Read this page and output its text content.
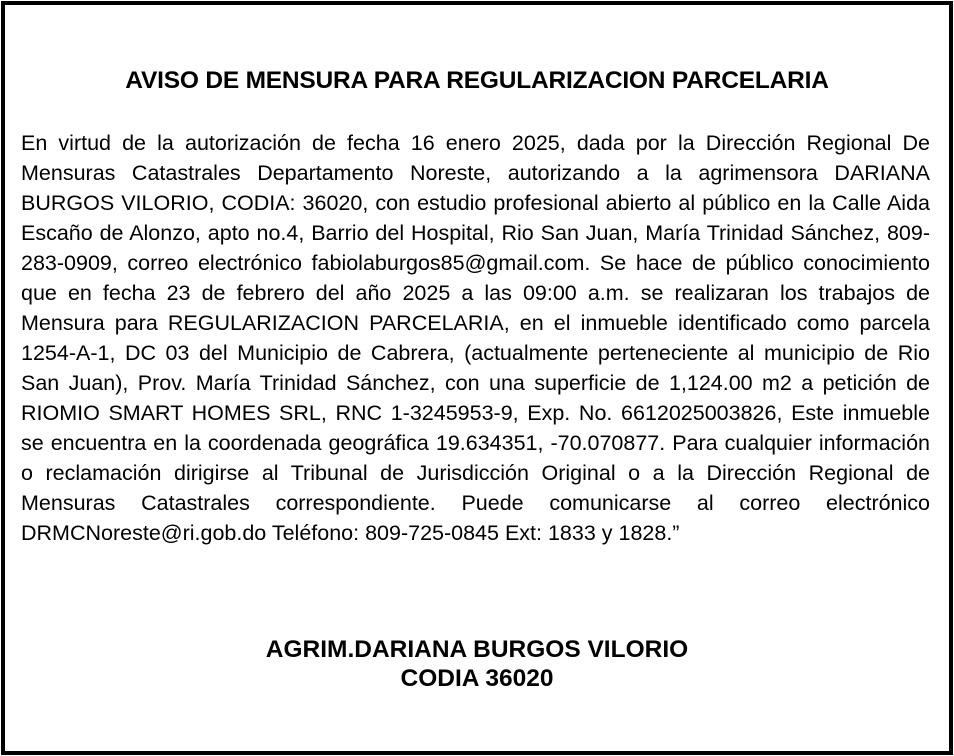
AVISO DE MENSURA PARA REGULARIZACION PARCELARIA

En virtud de la autorización de fecha 16 enero 2025, dada por la Dirección Regional De Mensuras Catastrales Departamento Noreste, autorizando a la agrimensora DARIANA BURGOS VILORIO, CODIA: 36020, con estudio profesional abierto al público en la Calle Aida Escaño de Alonzo, apto no.4, Barrio del Hospital, Rio San Juan, María Trinidad Sánchez, 809-283-0909, correo electrónico fabiolaburgos85@gmail.com. Se hace de público conocimiento que en fecha 23 de febrero del año 2025 a las 09:00 a.m. se realizaran los trabajos de Mensura para REGULARIZACION PARCELARIA, en el inmueble identificado como parcela 1254-A-1, DC 03 del Municipio de Cabrera, (actualmente perteneciente al municipio de Rio San Juan), Prov. María Trinidad Sánchez, con una superficie de 1,124.00 m2 a petición de RIOMIO SMART HOMES SRL, RNC 1-3245953-9, Exp. No. 6612025003826, Este inmueble se encuentra en la coordenada geográfica 19.634351, -70.070877. Para cualquier información o reclamación dirigirse al Tribunal de Jurisdicción Original o a la Dirección Regional de Mensuras Catastrales correspondiente. Puede comunicarse al correo electrónico DRMCNoreste@ri.gob.do Teléfono: 809-725-0845 Ext: 1833 y 1828.”

AGRIM.DARIANA BURGOS VILORIO
CODIA 36020
